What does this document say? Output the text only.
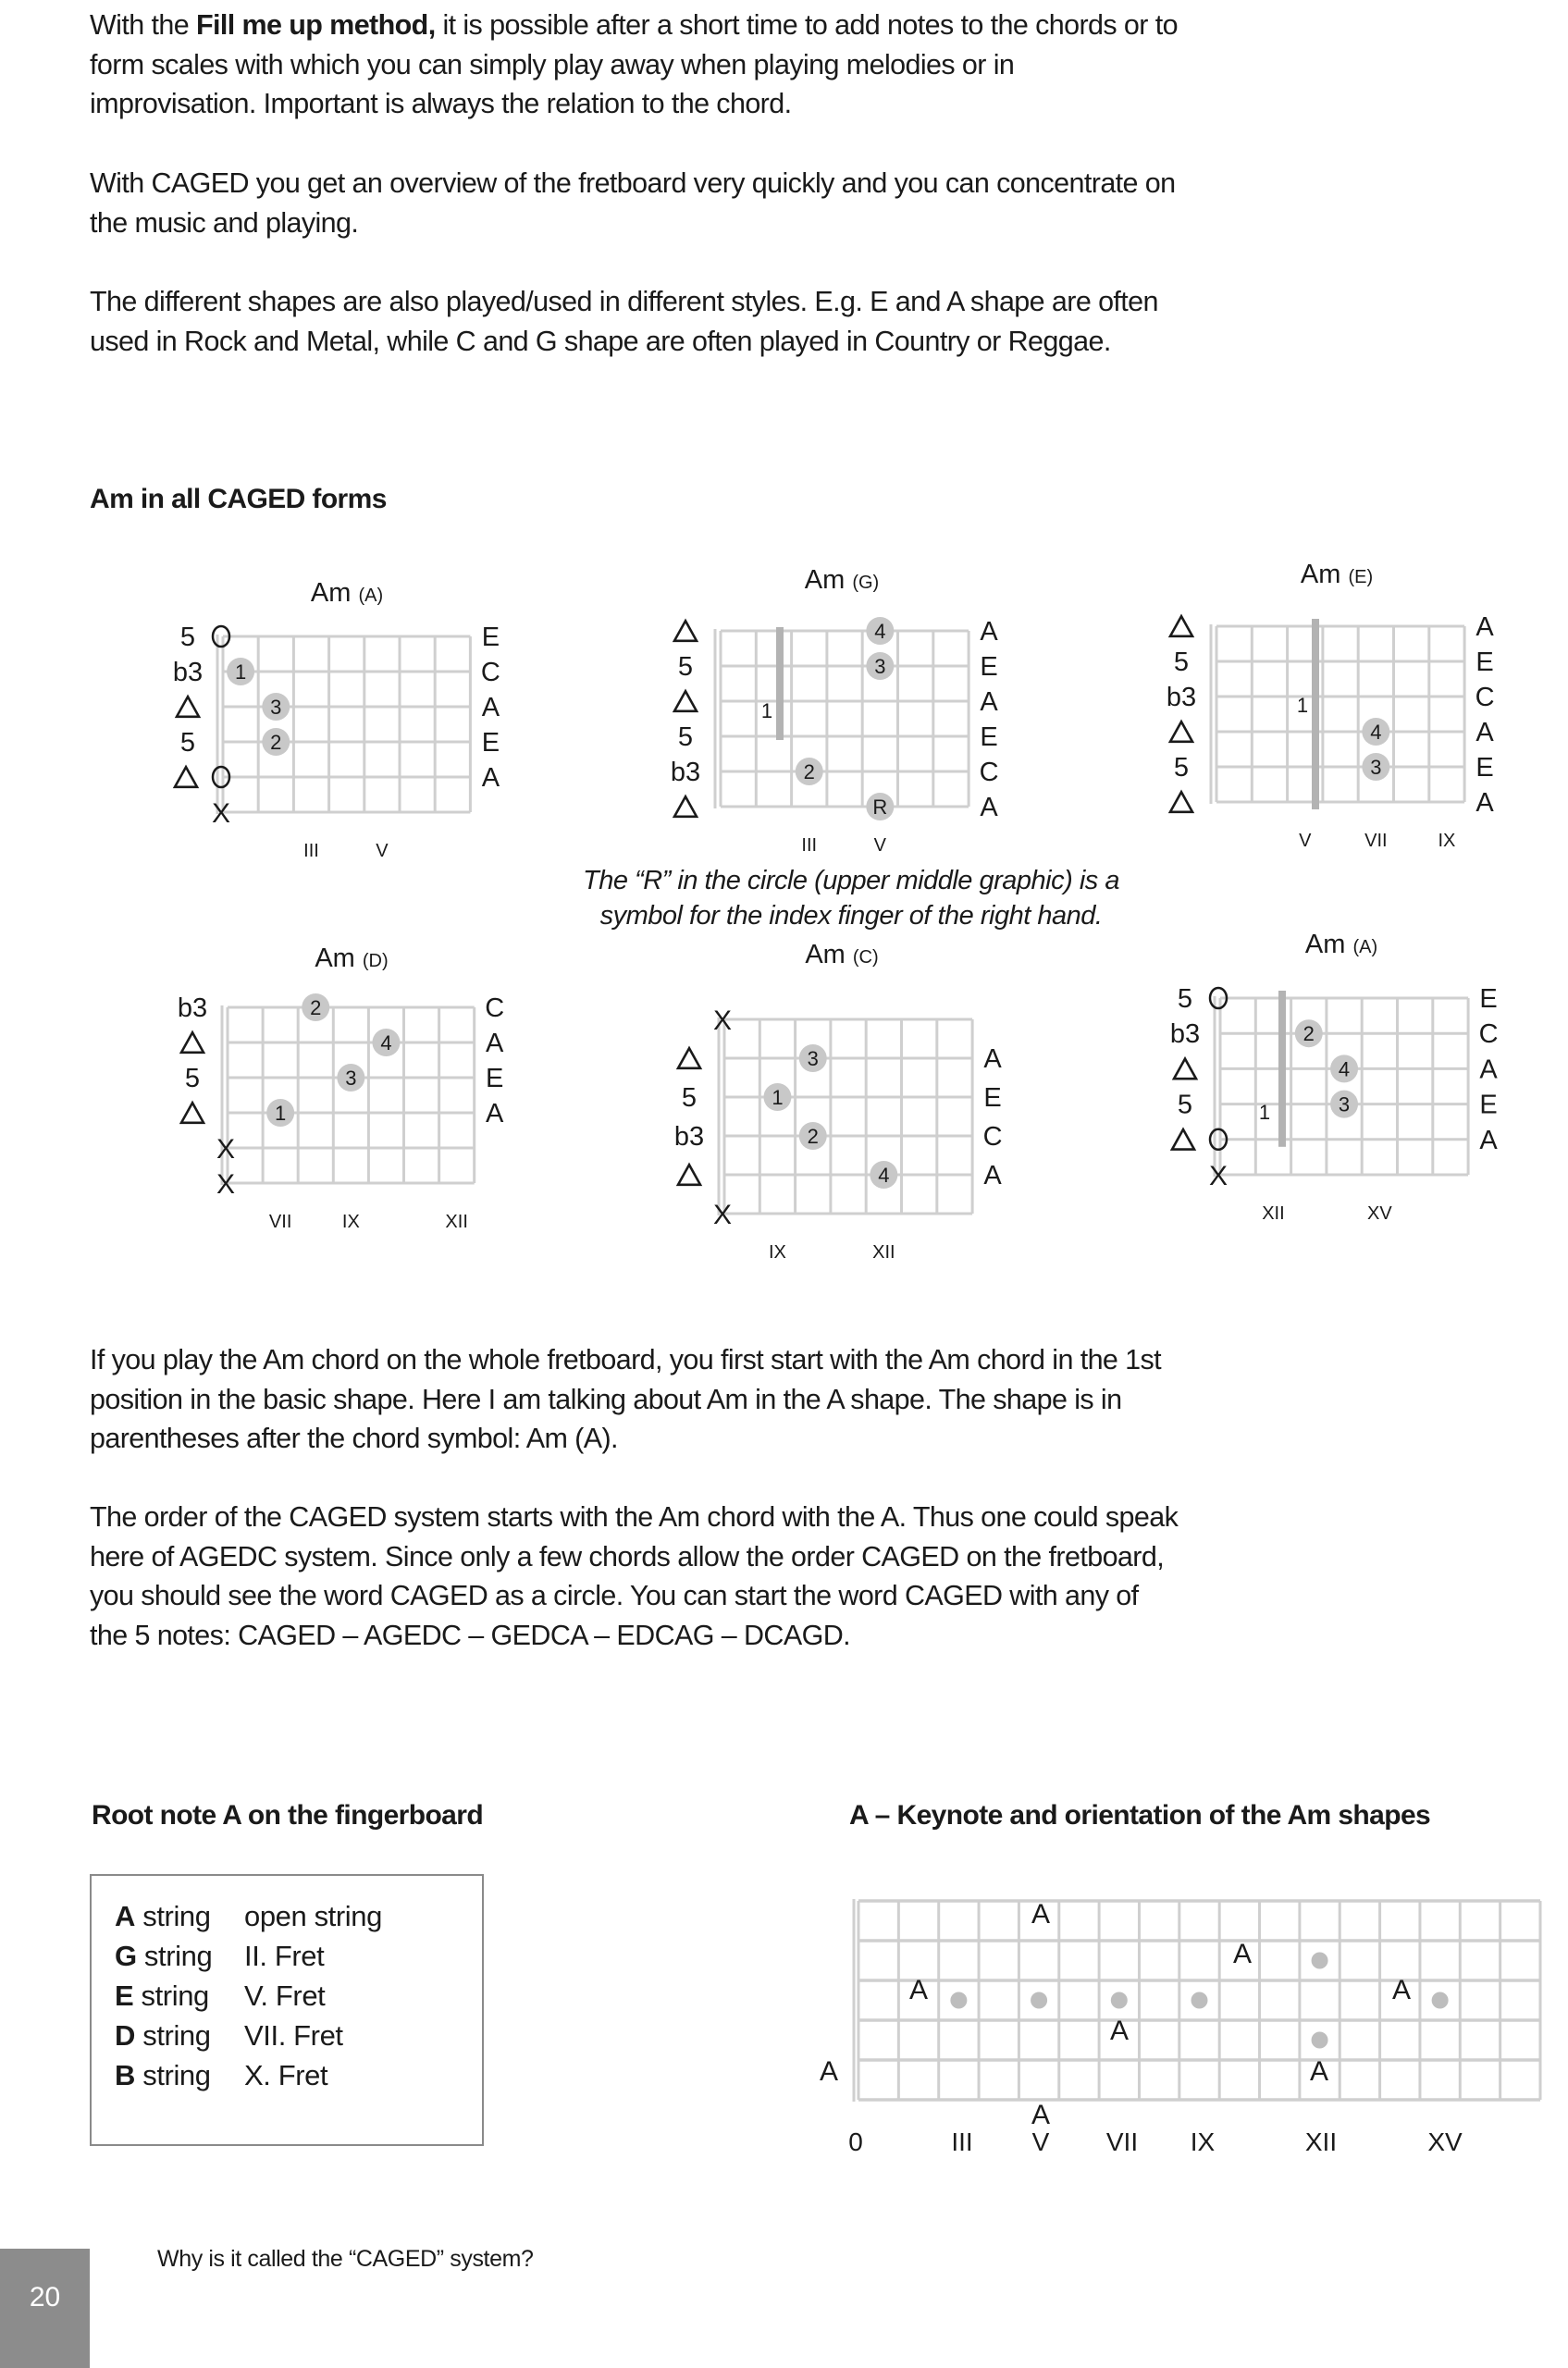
With the Fill me up method, it is possible after a short time to add notes to the chords or to form scales with which you can simply play away when playing melodies or in improvisation. Important is always the relation to the chord.

With CAGED you get an overview of the fretboard very quickly and you can concentrate on the music and playing.

The different shapes are also played/used in different styles. E.g. E and A shape are often used in Rock and Metal, while C and G shape are often played in Country or Reggae.

Am in all CAGED forms
The “R” in the circle (upper middle graphic) is a
symbol for the index finger of the right hand.
Am (A)
1
3
2
5	E
b3	C
A
5	E
A
X
III	V
Am (G)
1
4
3
2
R
A
5	E
A
5	E
b3	C
A
III	V
Am (E)
1
4
3
A
5	E
b3	C
A
5	E
A
V	VII	IX
Am (D)
2
4
3
1
b3	C
A
5	E
A
X
X
VII	IX	XII
Am (C)
3
1
2
4
X
A
5	E
b3	C
A
X
IX	XII
Am (A)
1
2
4
3
5	E
b3	C
A
5	E
A
X
XII	XV

If you play the Am chord on the whole fretboard, you first start with the Am chord in the 1st position in the basic shape. Here I am talking about Am in the A shape. The shape is in parentheses after the chord symbol: Am (A).

The order of the CAGED system starts with the Am chord with the A. Thus one could speak here of AGEDC system. Since only a few chords allow the order CAGED on the fretboard, you should see the word CAGED as a circle. You can start the word CAGED with any of the 5 notes: CAGED – AGEDC – GEDCA – EDCAG – DCAGD.

Root note A on the fingerboard	A – Keynote and orientation of the Am shapes
A string open string
G string II. Fret
E string V. Fret
D string VII. Fret
B string X. Fret
A
A
A	A
A
A
A
A
0	III V VII IX	XII	XV
20
Why is it called the “CAGED” system?
